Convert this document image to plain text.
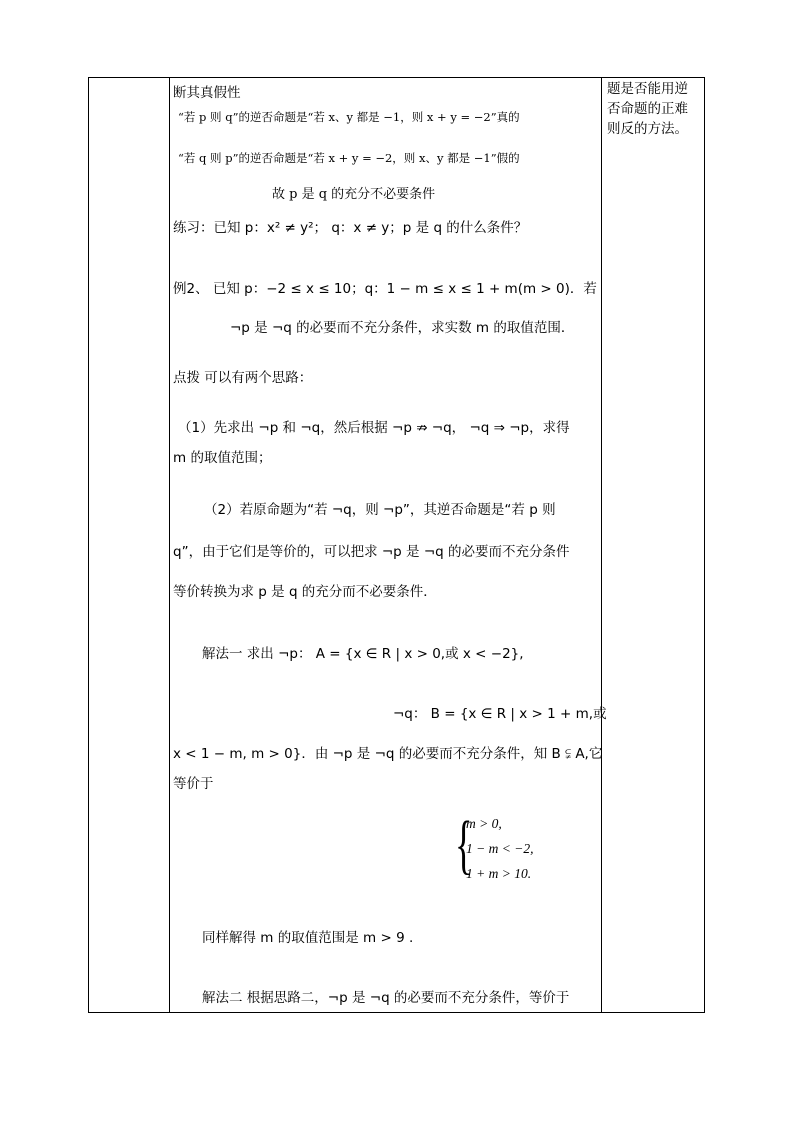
题是否能用逆
否命题的正难
则反的方法。
断其真假性
“若 p 则 q”的逆否命题是“若 x、y 都是 −1，则 x + y = −2”真的
“若 q 则 p”的逆否命题是“若 x + y = −2，则 x、y 都是 −1”假的
故 p 是 q 的充分不必要条件
练习：已知 p：x² ≠ y²； q：x ≠ y；p 是 q 的什么条件？
例2、 已知 p：−2 ≤ x ≤ 10；q：1 − m ≤ x ≤ 1 + m(m > 0)．若
¬p 是 ¬q 的必要而不充分条件，求实数 m 的取值范围．
点拨 可以有两个思路：
（1）先求出 ¬p 和 ¬q，然后根据 ¬p ⇏ ¬q， ¬q ⇒ ¬p，求得
m 的取值范围；
（2）若原命题为“若 ¬q，则 ¬p”，其逆否命题是“若 p 则
q”，由于它们是等价的，可以把求 ¬p 是 ¬q 的必要而不充分条件
等价转换为求 p 是 q 的充分而不必要条件．
解法一 求出 ¬p： A = {x ∈ R | x > 0,或 x < −2},
¬q： B = {x ∈ R | x > 1 + m,或
x < 1 − m, m > 0}．由 ¬p 是 ¬q 的必要而不充分条件，知 B ⫋ A,它
等价于
{
m > 0,
1 − m < −2,
1 + m > 10.
同样解得 m 的取值范围是 m > 9 .
解法二 根据思路二，¬p 是 ¬q 的必要而不充分条件，等价于
